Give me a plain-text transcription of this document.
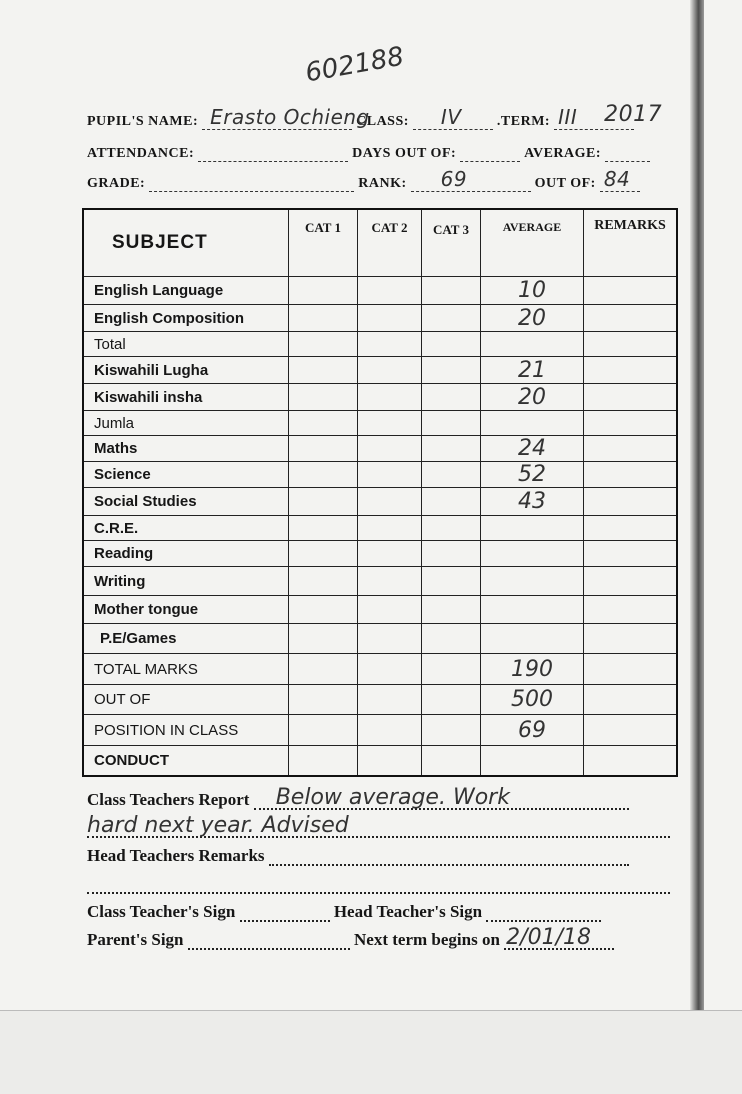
602188
PUPIL'S NAME: Erasto Ochieng
CLASS: IV	.TERM: III 2017
ATTENDANCE:	DAYS OUT OF:	AVERAGE:
GRADE:	RANK: 69	OUT OF: 84
SUBJECT	CAT 1	CAT 2	CAT 3	AVERAGE	REMARKS
English Language				10	
English Composition				20	
Total					
Kiswahili Lugha				21	
Kiswahili insha				20	
Jumla					
Maths				24	
Science				52	
Social Studies				43	
C.R.E.					
Reading					
Writing					
Mother tongue					
P.E/Games					
TOTAL MARKS				190	
OUT OF				500	
POSITION IN CLASS				69	
CONDUCT					
Class Teachers Report Below average. Work
hard next year. Advised
Head Teachers Remarks
Class Teacher's Sign	Head Teacher's Sign
Parent's Sign	Next term begins on 2/01/18
